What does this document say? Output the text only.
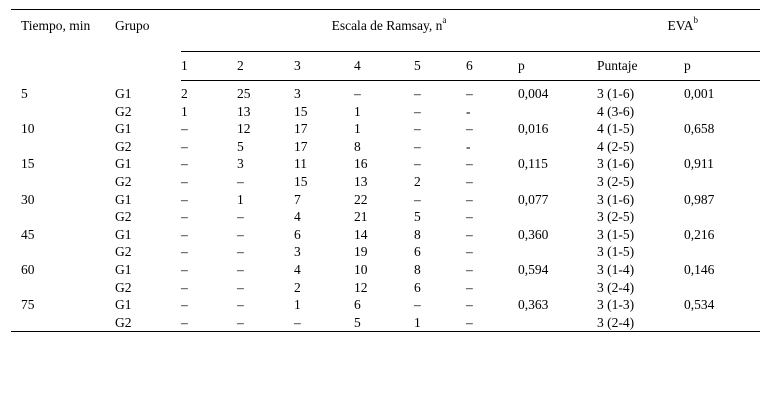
Tiempo, min	Grupo	Escala de Ramsay, $n^a$							EVA$^b$
		1	2	3	4	5	6	p	Puntaje	p
5	G1	2	25	3	–	–	–	0,004	3 (1-6)	0,001
	G2	1	13	15	1	–	-		4 (3-6)	
10	G1	–	12	17	1	–	–	0,016	4 (1-5)	0,658
	G2	–	5	17	8	–	-		4 (2-5)	
15	G1	–	3	11	16	–	–	0,115	3 (1-6)	0,911
	G2	–	–	15	13	2	–		3 (2-5)	
30	G1	–	1	7	22	–	–	0,077	3 (1-6)	0,987
	G2	–	–	4	21	5	–		3 (2-5)	
45	G1	–	–	6	14	8	–	0,360	3 (1-5)	0,216
	G2	–	–	3	19	6	–		3 (1-5)	
60	G1	–	–	4	10	8	–	0,594	3 (1-4)	0,146
	G2	–	–	2	12	6	–		3 (2-4)	
75	G1	–	–	1	6	–	–	0,363	3 (1-3)	0,534
	G2	–	–	–	5	1	–		3 (2-4)	
